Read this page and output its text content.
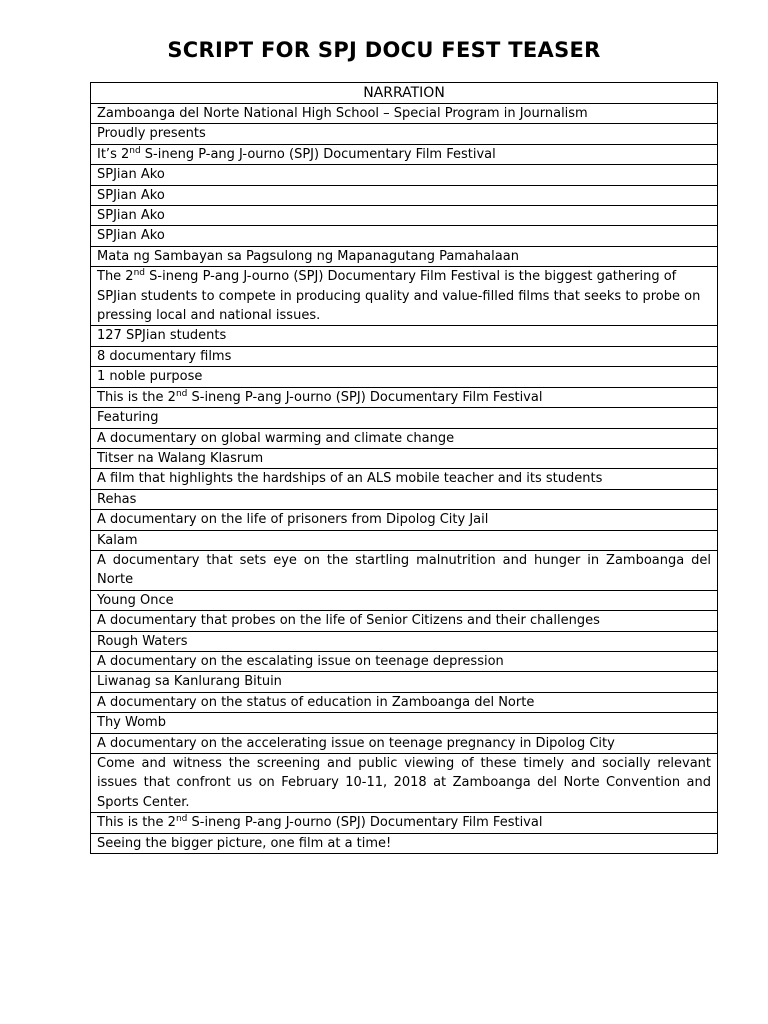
SCRIPT FOR SPJ DOCU FEST TEASER
NARRATION
Zamboanga del Norte National High School – Special Program in Journalism
Proudly presents
It’s 2nd S-ineng P-ang J-ourno (SPJ) Documentary Film Festival
SPJian Ako
SPJian Ako
SPJian Ako
SPJian Ako
Mata ng Sambayan sa Pagsulong ng Mapanagutang Pamahalaan
The 2nd S-ineng P-ang J-ourno (SPJ) Documentary Film Festival is the biggest gathering of SPJian students to compete in producing quality and value-filled films that seeks to probe on pressing local and national issues.
127 SPJian students
8 documentary films
1 noble purpose
This is the 2nd S-ineng P-ang J-ourno (SPJ) Documentary Film Festival
Featuring
A documentary on global warming and climate change
Titser na Walang Klasrum
A film that highlights the hardships of an ALS mobile teacher and its students
Rehas
A documentary on the life of prisoners from Dipolog City Jail
Kalam
A documentary that sets eye on the startling malnutrition and hunger in Zamboanga del Norte
Young Once
A documentary that probes on the life of Senior Citizens and their challenges
Rough Waters
A documentary on the escalating issue on teenage depression
Liwanag sa Kanlurang Bituin
A documentary on the status of education in Zamboanga del Norte
Thy Womb
A documentary on the accelerating issue on teenage pregnancy in Dipolog City
Come and witness the screening and public viewing of these timely and socially relevant issues that confront us on February 10-11, 2018 at Zamboanga del Norte Convention and Sports Center.
This is the 2nd S-ineng P-ang J-ourno (SPJ) Documentary Film Festival
Seeing the bigger picture, one film at a time!
